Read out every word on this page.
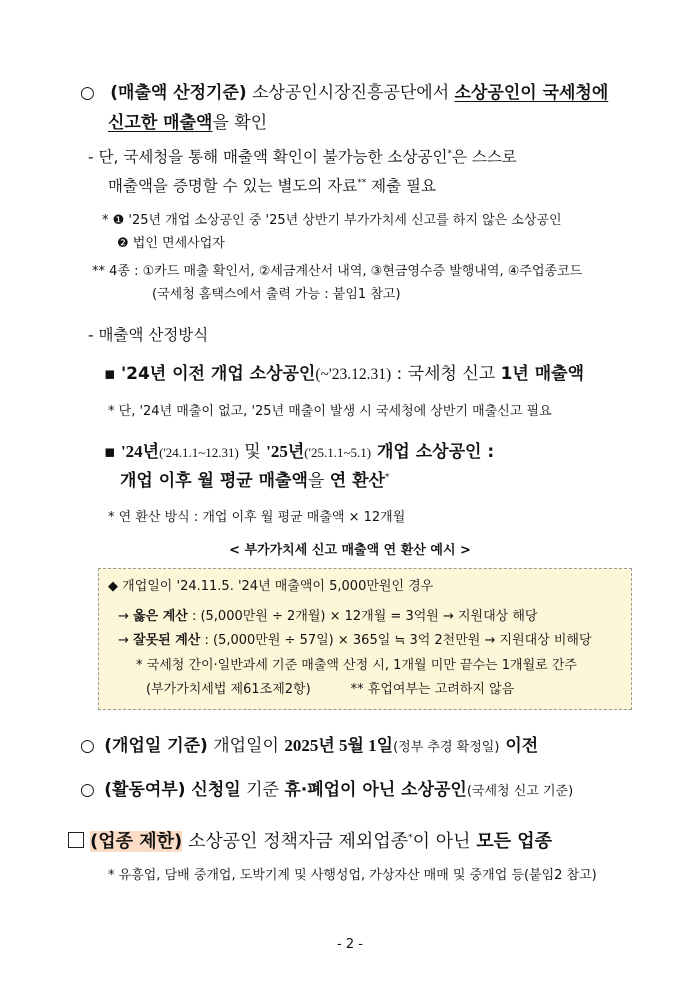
○ (매출액 산정기준) 소상공인시장진흥공단에서 소상공인이 국세청에
신고한 매출액을 확인
- 단, 국세청을 통해 매출액 확인이 불가능한 소상공인*은 스스로
매출액을 증명할 수 있는 별도의 자료** 제출 필요
* ❶ '25년 개업 소상공인 중 '25년 상반기 부가가치세 신고를 하지 않은 소상공인
❷ 법인 면세사업자
** 4종 : ①카드 매출 확인서, ②세금계산서 내역, ③현금영수증 발행내역, ④주업종코드
(국세청 홈택스에서 출력 가능 : 붙임1 참고)
- 매출액 산정방식
▪ '24년 이전 개업 소상공인(~'23.12.31) : 국세청 신고 1년 매출액
* 단, '24년 매출이 없고, '25년 매출이 발생 시 국세청에 상반기 매출신고 필요
▪ '24년('24.1.1~12.31) 및 '25년('25.1.1~5.1) 개업 소상공인 :
개업 이후 월 평균 매출액을 연 환산*
* 연 환산 방식 : 개업 이후 월 평균 매출액 × 12개월
< 부가가치세 신고 매출액 연 환산 예시 >
◆ 개업일이 '24.11.5. '24년 매출액이 5,000만원인 경우
→ 옳은 계산 : (5,000만원 ÷ 2개월) × 12개월 = 3억원 → 지원대상 해당
→ 잘못된 계산 : (5,000만원 ÷ 57일) × 365일 ≒ 3억 2천만원 → 지원대상 비해당
* 국세청 간이·일반과세 기준 매출액 산정 시, 1개월 미만 끝수는 1개월로 간주
(부가가치세법 제61조제2항)	** 휴업여부는 고려하지 않음
○ (개업일 기준) 개업일이 2025년 5월 1일(정부 추경 확정일) 이전
○ (활동여부) 신청일 기준 휴·폐업이 아닌 소상공인(국세청 신고 기준)
(업종 제한) 소상공인 정책자금 제외업종*이 아닌 모든 업종
* 유흥업, 담배 중개업, 도박기계 및 사행성업, 가상자산 매매 및 중개업 등(붙임2 참고)
- 2 -
